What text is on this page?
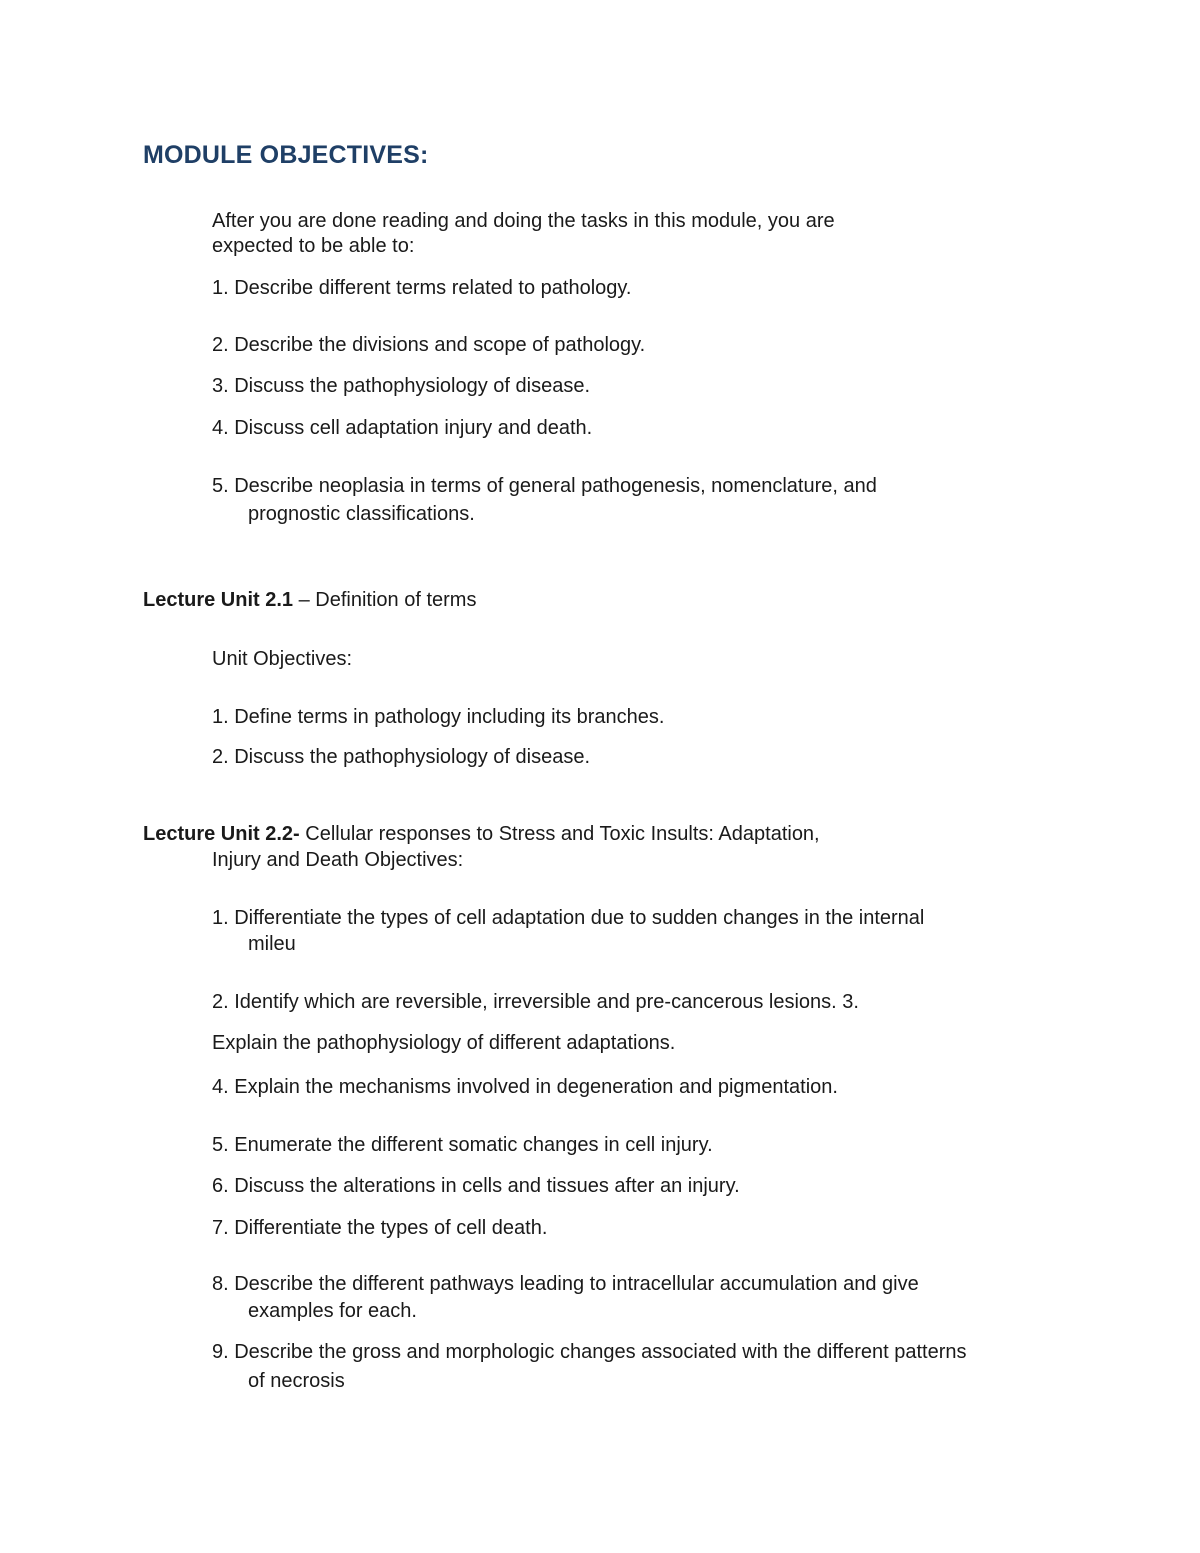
MODULE OBJECTIVES:
After you are done reading and doing the tasks in this module, you are
expected to be able to:
1. Describe different terms related to pathology.
2. Describe the divisions and scope of pathology.
3. Discuss the pathophysiology of disease.
4. Discuss cell adaptation injury and death.
5. Describe neoplasia in terms of general pathogenesis, nomenclature, and
prognostic classifications.
Lecture Unit 2.1 – Definition of terms
Unit Objectives:
1. Define terms in pathology including its branches.
2. Discuss the pathophysiology of disease.
Lecture Unit 2.2- Cellular responses to Stress and Toxic Insults: Adaptation,
Injury and Death Objectives:
1. Differentiate the types of cell adaptation due to sudden changes in the internal
mileu
2. Identify which are reversible, irreversible and pre-cancerous lesions. 3.
Explain the pathophysiology of different adaptations.
4. Explain the mechanisms involved in degeneration and pigmentation.
5. Enumerate the different somatic changes in cell injury.
6. Discuss the alterations in cells and tissues after an injury.
7. Differentiate the types of cell death.
8. Describe the different pathways leading to intracellular accumulation and give
examples for each.
9. Describe the gross and morphologic changes associated with the different patterns
of necrosis
